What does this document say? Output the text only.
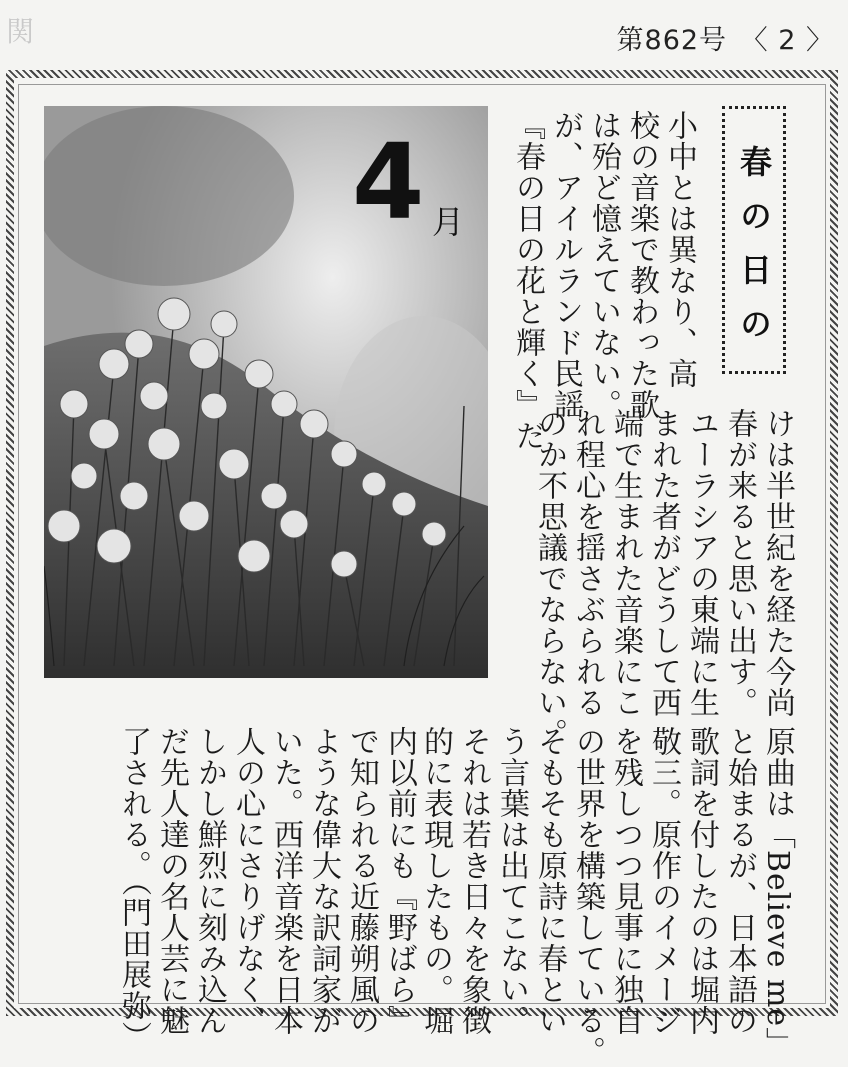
関	第862号 〈 2 〉
4 月	春の日の
小中とは異なり、高
校の音楽で教わった歌
は殆ど憶えていない。
が、アイルランド民謡
『春の日の花と輝く』だ
けは半世紀を経た今尚
春が来ると思い出す。
ユーラシアの東端に生
まれた者がどうして西
端で生まれた音楽にこ
れ程心を揺さぶられる
のか不思議でならない。
原曲は「Believe me」
と始まるが、日本語の
歌詞を付したのは堀内
敬三。原作のイメージ
を残しつつ見事に独自
の世界を構築している。
そもそも原詩に春とい
う言葉は出てこない。
それは若き日々を象徴
的に表現したもの。堀
内以前にも『野ばら』
で知られる近藤朔風の
ような偉大な訳詞家が
いた。西洋音楽を日本
人の心にさりげなく、
しかし鮮烈に刻み込ん
だ先人達の名人芸に魅
了される。（門田展弥）
